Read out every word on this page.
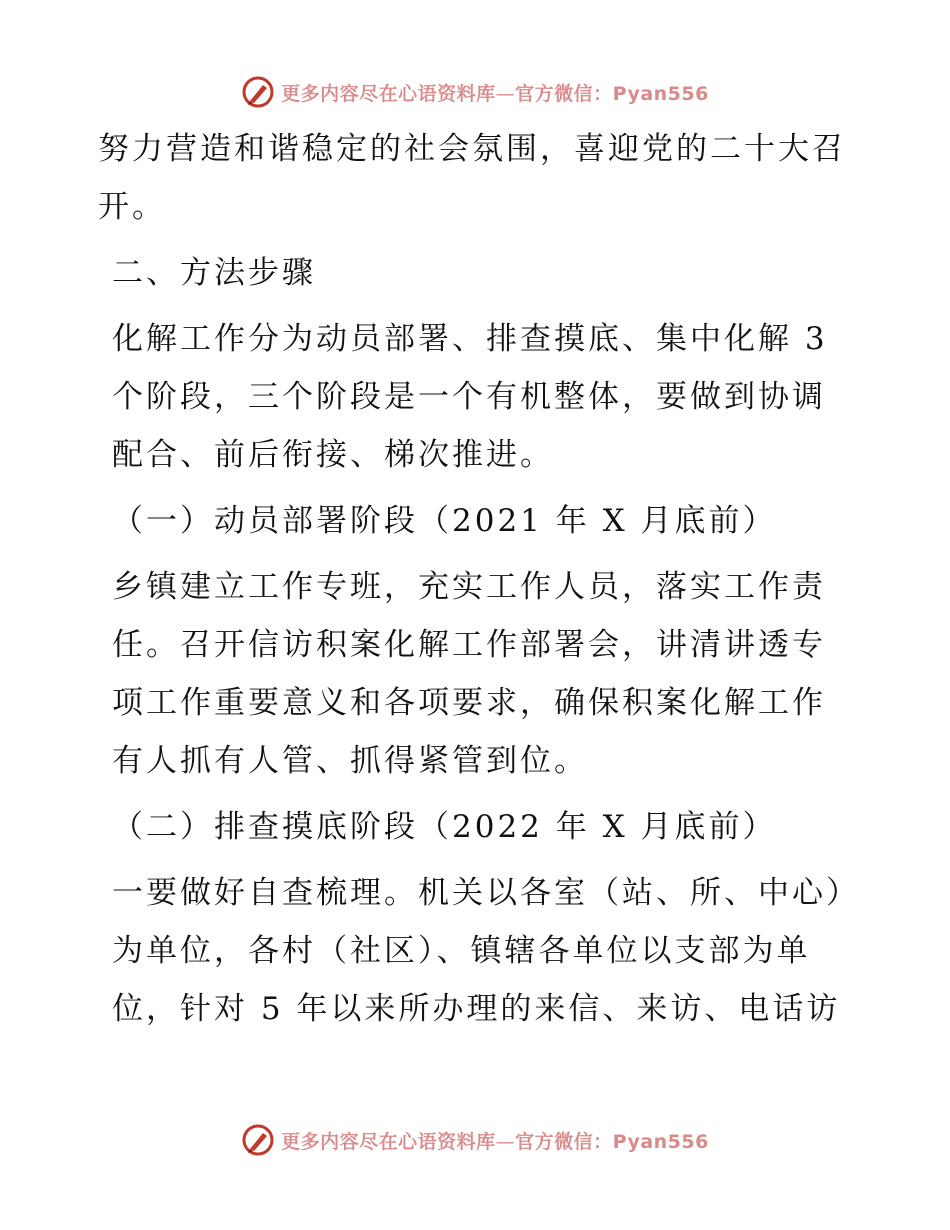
更多内容尽在心语资料库—官方微信：Pyan556

努力营造和谐稳定的社会氛围，喜迎党的二十大召开。

二、方法步骤

化解工作分为动员部署、排查摸底、集中化解 3 个阶段，三个阶段是一个有机整体，要做到协调配合、前后衔接、梯次推进。

（一）动员部署阶段（2021 年 X 月底前）

乡镇建立工作专班，充实工作人员，落实工作责任。召开信访积案化解工作部署会，讲清讲透专项工作重要意义和各项要求，确保积案化解工作有人抓有人管、抓得紧管到位。

（二）排查摸底阶段（2022 年 X 月底前）

一要做好自查梳理。机关以各室（站、所、中心）为单位，各村（社区）、镇辖各单位以支部为单位，针对 5 年以来所办理的来信、来访、电话访

更多内容尽在心语资料库—官方微信：Pyan556
